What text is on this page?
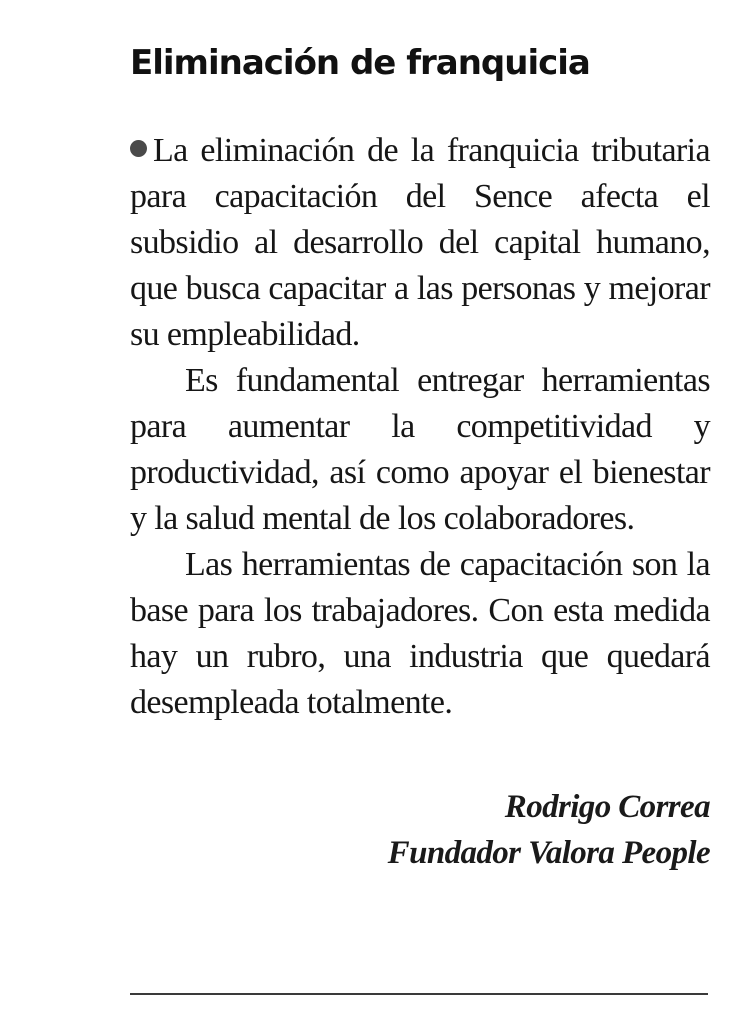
Eliminación de franquicia

La eliminación de la franquicia tributaria para capacitación del Sence afecta el subsidio al desarrollo del capital humano, que busca capacitar a las personas y mejorar su empleabilidad.

Es fundamental entregar herramientas para aumentar la competitividad y productividad, así como apoyar el bienestar y la salud mental de los colaboradores.

Las herramientas de capacitación son la base para los trabajadores. Con esta medida hay un rubro, una industria que quedará desempleada totalmente.

Rodrigo Correa
Fundador Valora People
